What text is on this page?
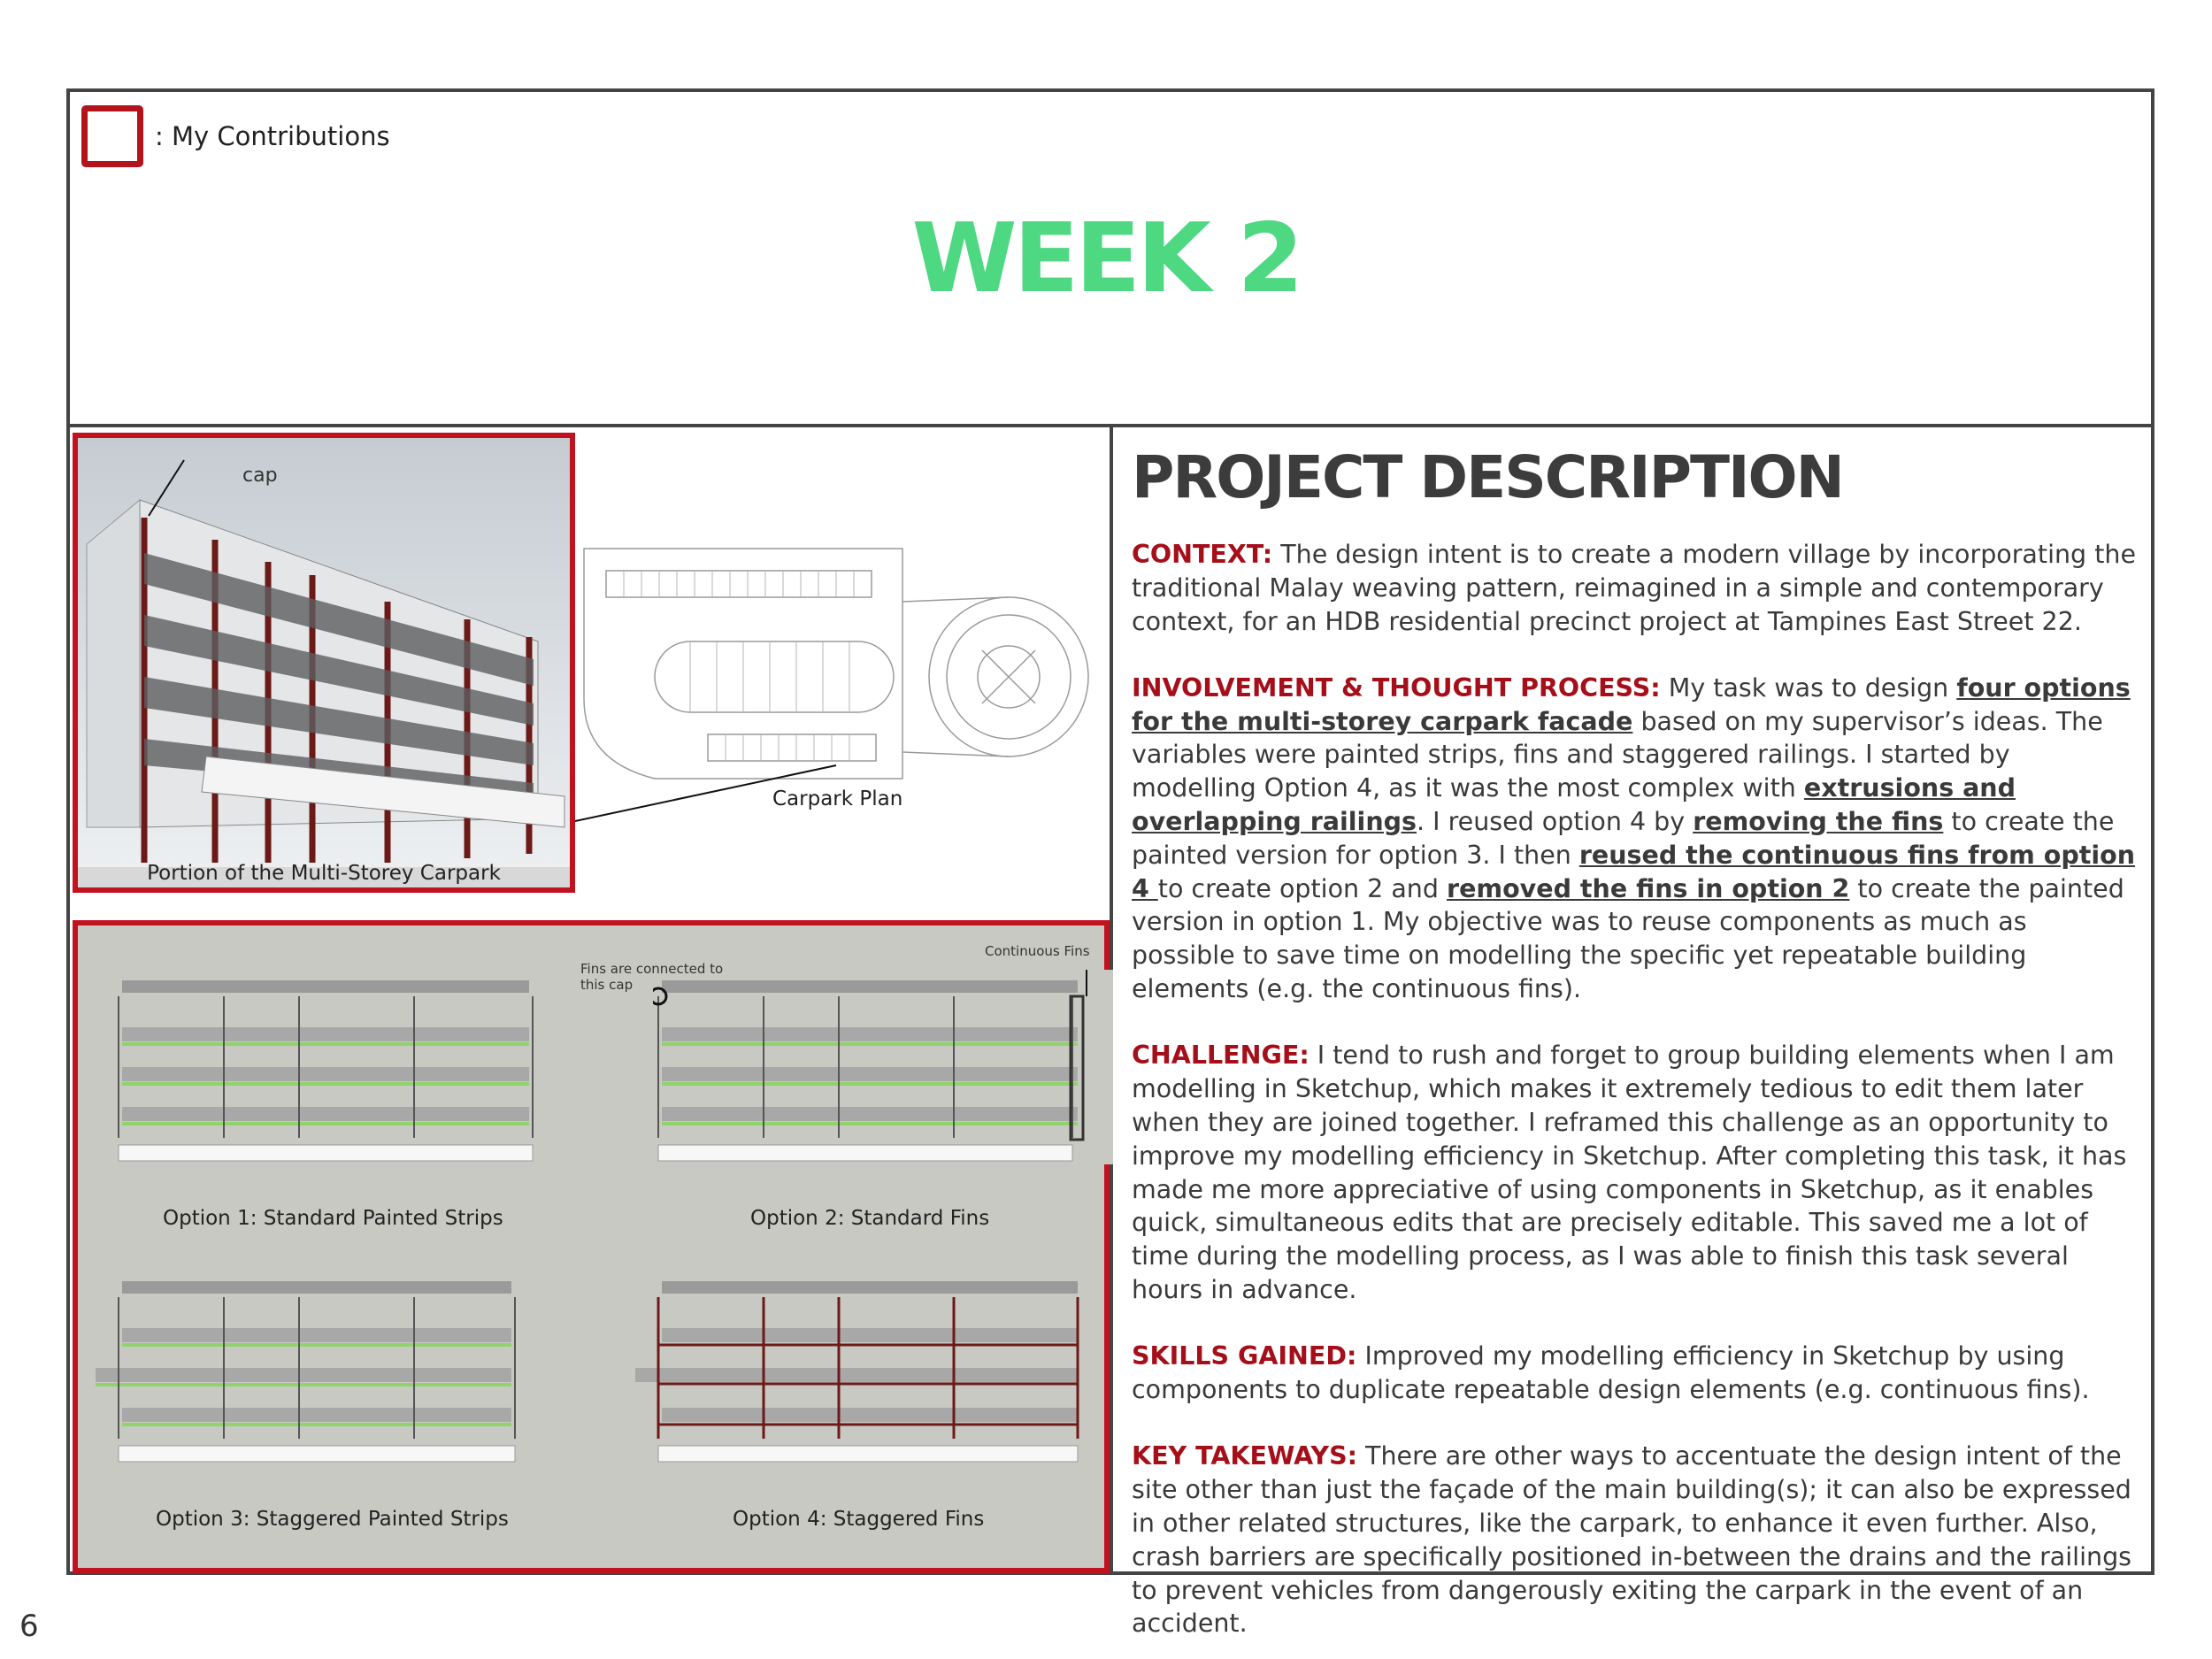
: My Contributions
WEEK 2
cap
Portion of the Multi-Storey Carpark
Carpark Plan
Option 1: Standard Painted Strips
Fins are connected to this cap
Continuous Fins
Option 2: Standard Fins
Option 3: Staggered Painted Strips	Option 4: Staggered Fins
PROJECT DESCRIPTION

CONTEXT: The design intent is to create a modern village by incorporating the traditional Malay weaving pattern, reimagined in a simple and contemporary context, for an HDB residential precinct project at Tampines East Street 22.

INVOLVEMENT & THOUGHT PROCESS: My task was to design four options for the multi-storey carpark facade based on my supervisor’s ideas. The variables were painted strips, fins and staggered railings. I started by modelling Option 4, as it was the most complex with extrusions and overlapping railings. I reused option 4 by removing the fins to create the painted version for option 3. I then reused the continuous fins from option 4 to create option 2 and removed the fins in option 2 to create the painted version in option 1. My objective was to reuse components as much as possible to save time on modelling the specific yet repeatable building elements (e.g. the continuous fins).

CHALLENGE: I tend to rush and forget to group building elements when I am modelling in Sketchup, which makes it extremely tedious to edit them later when they are joined together. I reframed this challenge as an opportunity to improve my modelling efficiency in Sketchup. After completing this task, it has made me more appreciative of using components in Sketchup, as it enables quick, simultaneous edits that are precisely editable. This saved me a lot of time during the modelling process, as I was able to finish this task several hours in advance.

SKILLS GAINED: Improved my modelling efficiency in Sketchup by using components to duplicate repeatable design elements (e.g. continuous fins).

KEY TAKEWAYS: There are other ways to accentuate the design intent of the site other than just the façade of the main building(s); it can also be expressed in other related structures, like the carpark, to enhance it even further. Also, crash barriers are specifically positioned in-between the drains and the railings to prevent vehicles from dangerously exiting the carpark in the event of an accident.

6
